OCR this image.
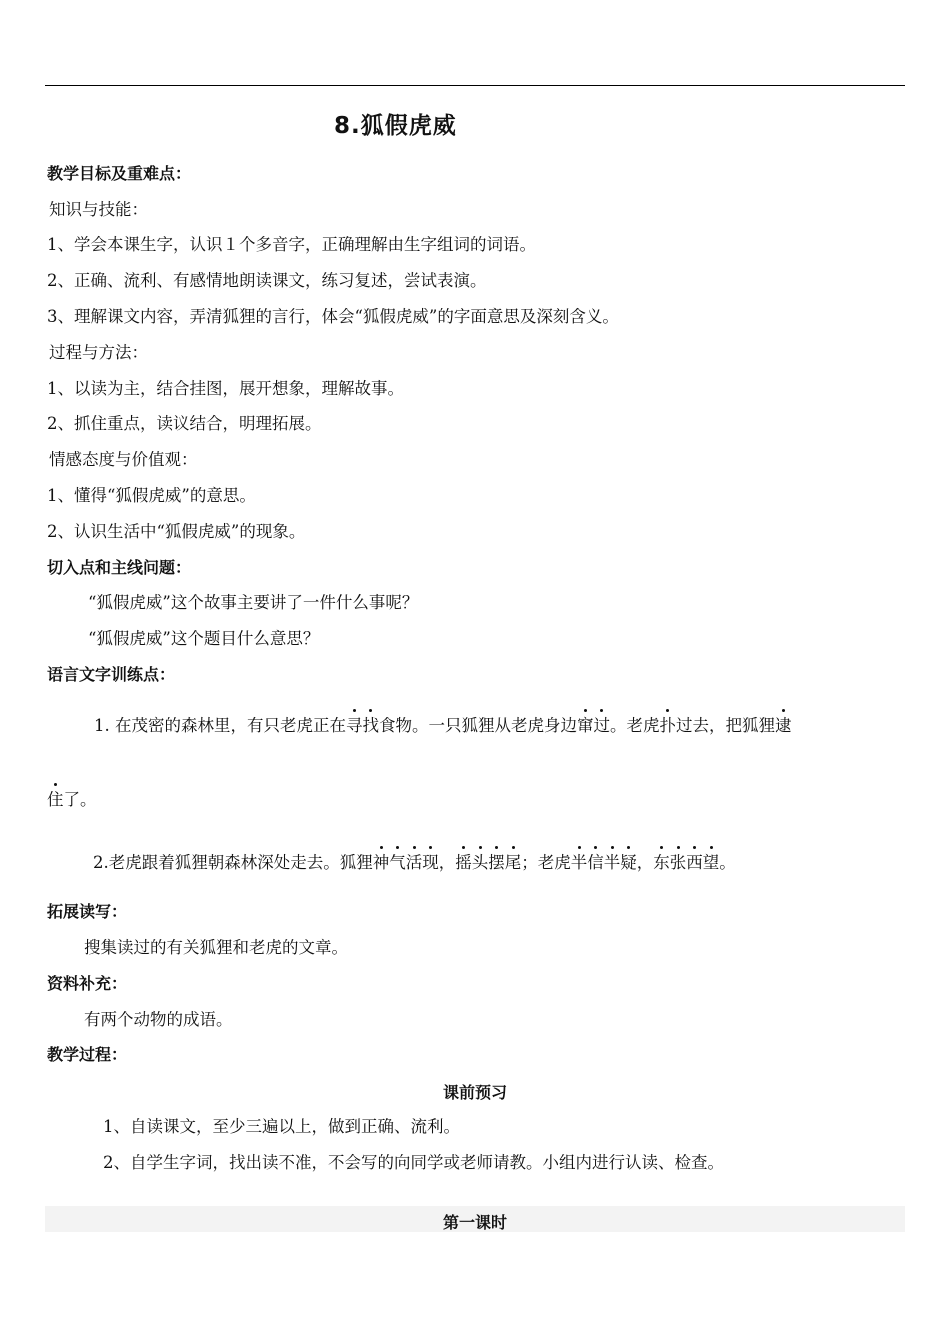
8.狐假虎威
教学目标及重难点：
知识与技能：
1、学会本课生字，认识１个多音字，正确理解由生字组词的词语。
2、正确、流利、有感情地朗读课文，练习复述，尝试表演。
3、理解课文内容，弄清狐狸的言行，体会“狐假虎威”的字面意思及深刻含义。
过程与方法：
1、以读为主，结合挂图，展开想象，理解故事。
2、抓住重点，读议结合，明理拓展。
情感态度与价值观：
1、懂得“狐假虎威”的意思。
2、认识生活中“狐假虎威”的现象。
切入点和主线问题：
“狐假虎威”这个故事主要讲了一件什么事呢？
“狐假虎威”这个题目什么意思？
语言文字训练点：
1. 在茂密的森林里，有只老虎正在寻找食物。一只狐狸从老虎身边窜过。老虎扑过去，把狐狸逮
住了。
2.老虎跟着狐狸朝森林深处走去。狐狸神气活现，摇头摆尾；老虎半信半疑，东张西望。
拓展读写：
搜集读过的有关狐狸和老虎的文章。
资料补充：
有两个动物的成语。
教学过程：
课前预习
1、自读课文，至少三遍以上，做到正确、流利。
2、自学生字词，找出读不准，不会写的向同学或老师请教。小组内进行认读、检查。
第一课时
